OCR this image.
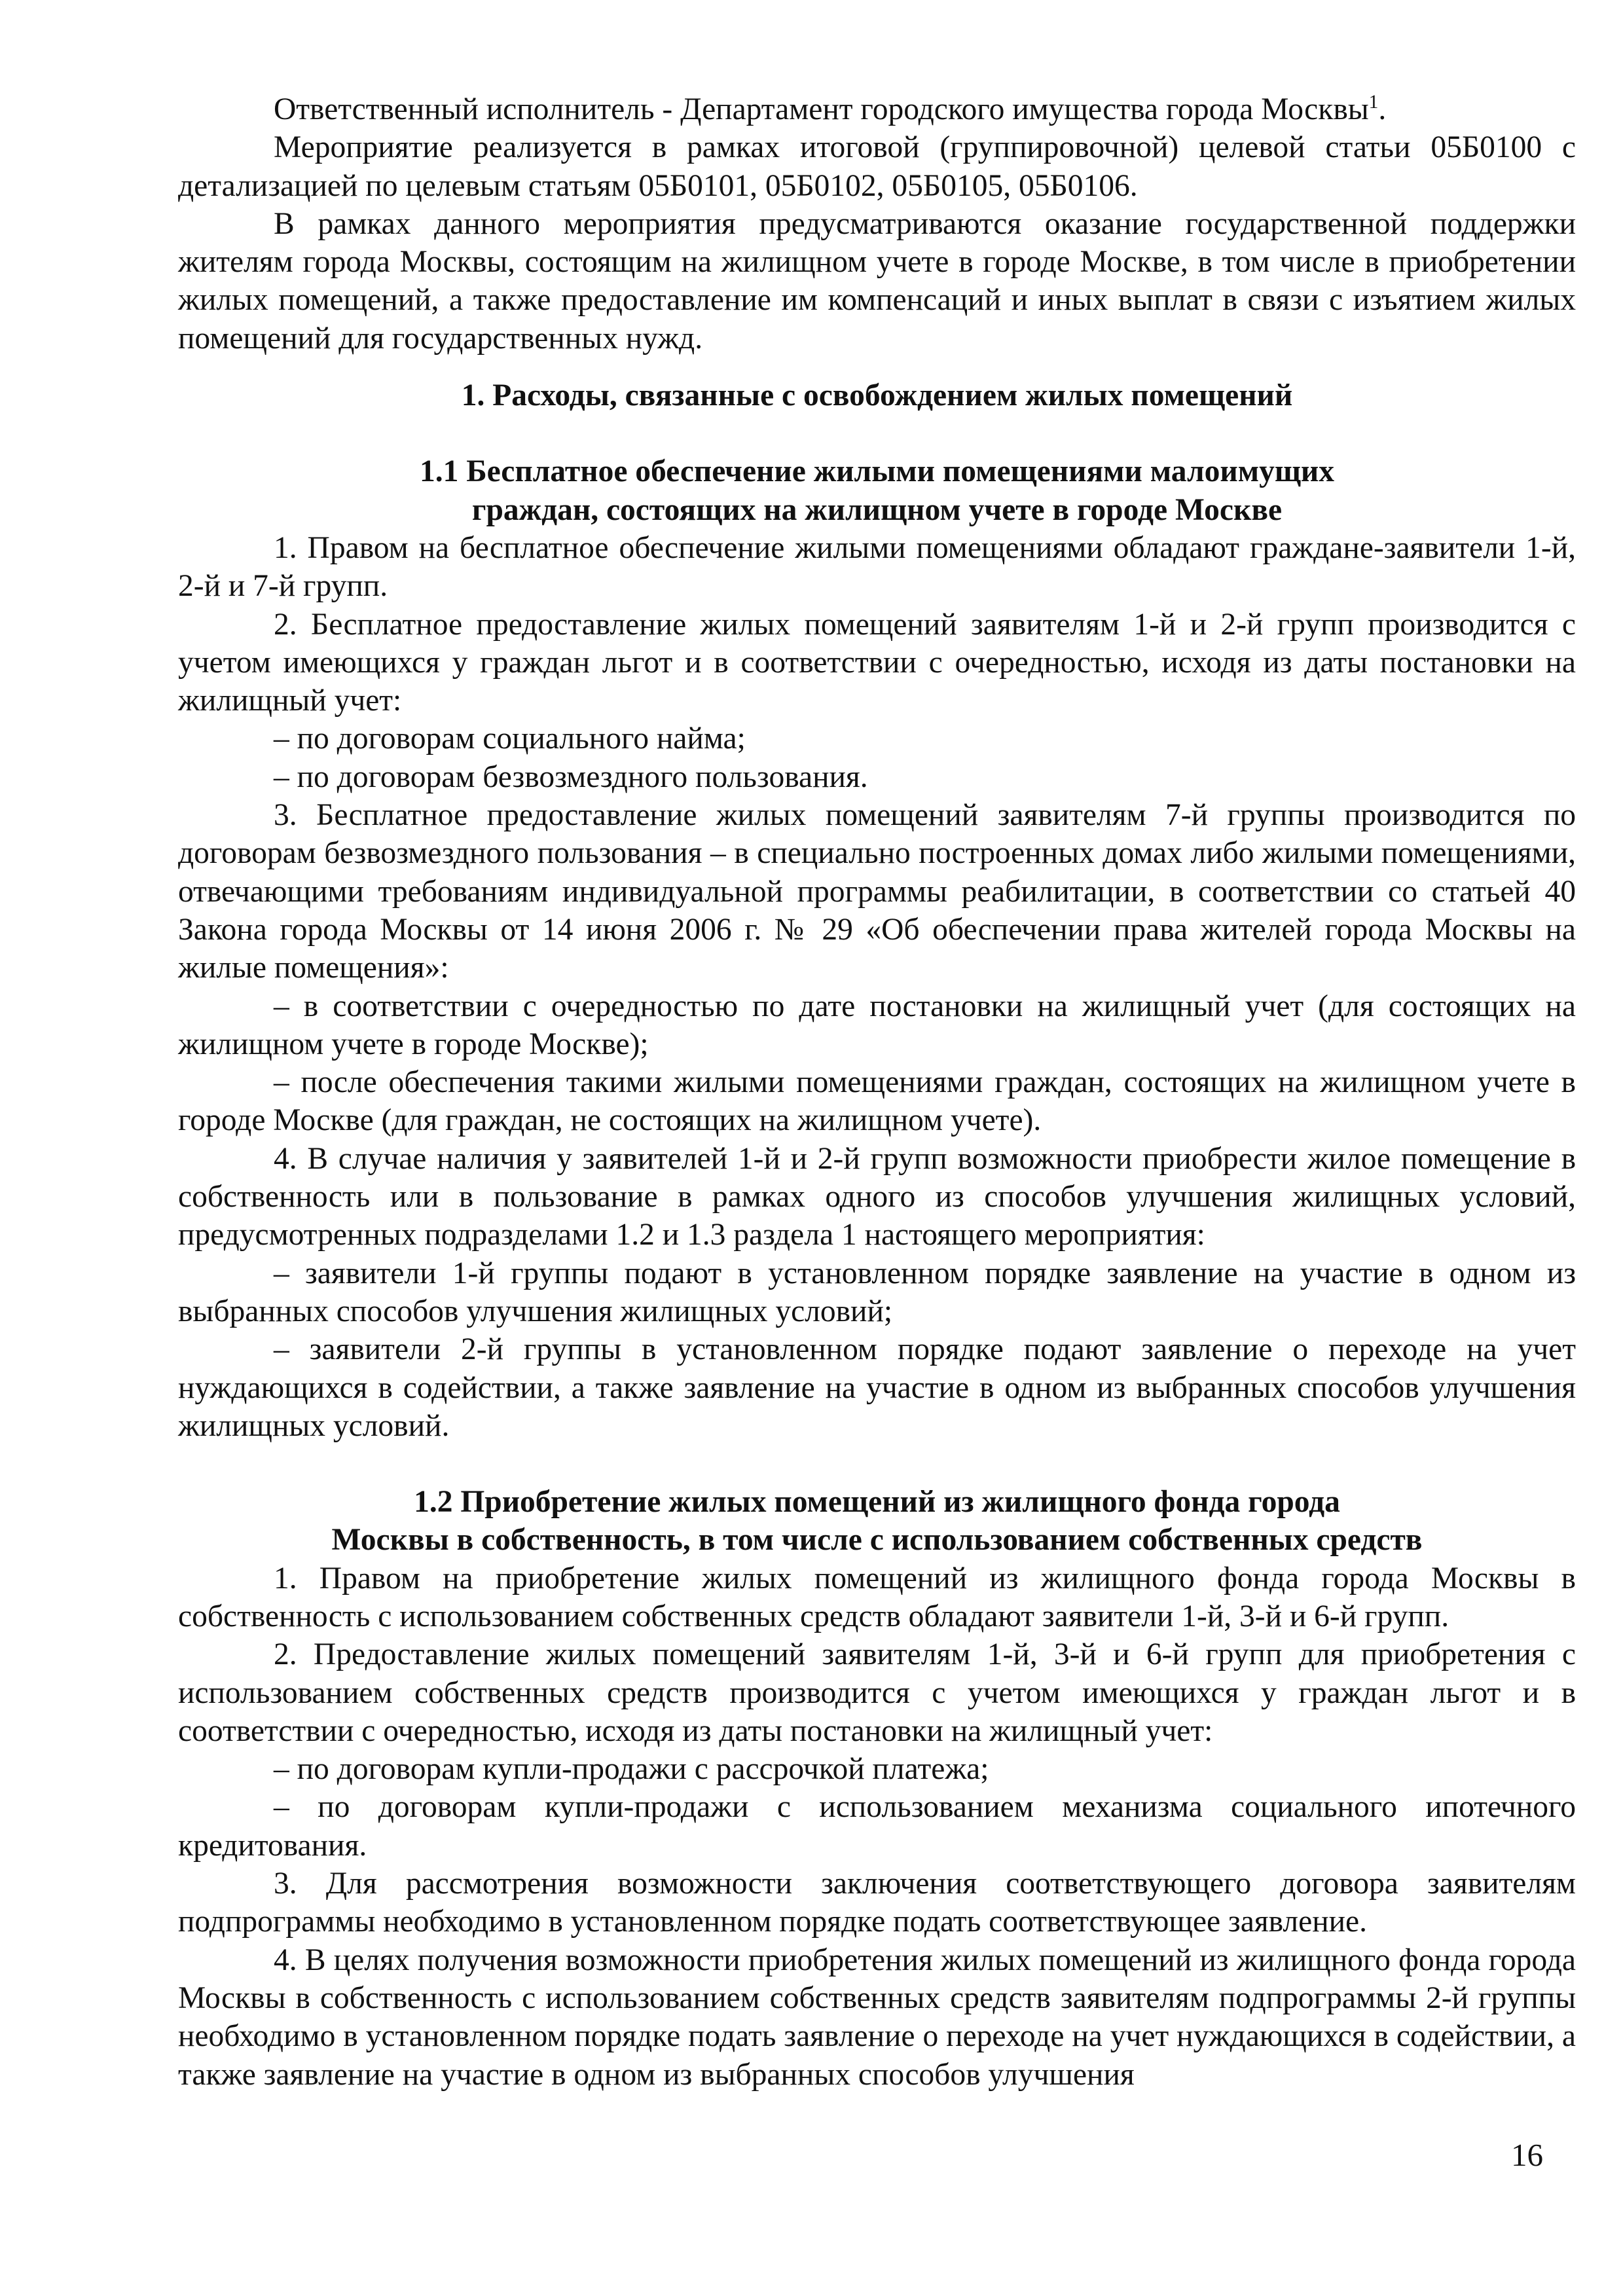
Ответственный исполнитель - Департамент городского имущества города Москвы$^1$.

Мероприятие реализуется в рамках итоговой (группировочной) целевой статьи 05Б0100 с детализацией по целевым статьям 05Б0101, 05Б0102, 05Б0105, 05Б0106.

В рамках данного мероприятия предусматриваются оказание государственной поддержки жителям города Москвы, состоящим на жилищном учете в городе Москве, в том числе в приобретении жилых помещений, а также предоставление им компенсаций и иных выплат в связи с изъятием жилых помещений для государственных нужд.

1. Расходы, связанные с освобождением жилых помещений

1.1 Бесплатное обеспечение жилыми помещениями малоимущих

граждан, состоящих на жилищном учете в городе Москве

1. Правом на бесплатное обеспечение жилыми помещениями обладают граждане-заявители 1-й, 2-й и 7-й групп.

2. Бесплатное предоставление жилых помещений заявителям 1-й и 2-й групп производится с учетом имеющихся у граждан льгот и в соответствии с очередностью, исходя из даты постановки на жилищный учет:

– по договорам социального найма;

– по договорам безвозмездного пользования.

3. Бесплатное предоставление жилых помещений заявителям 7-й группы производится по договорам безвозмездного пользования – в специально построенных домах либо жилыми помещениями, отвечающими требованиям индивидуальной программы реабилитации, в соответствии со статьей 40 Закона города Москвы от 14 июня 2006 г. № 29 «Об обеспечении права жителей города Москвы на жилые помещения»:

– в соответствии с очередностью по дате постановки на жилищный учет (для состоящих на жилищном учете в городе Москве);

– после обеспечения такими жилыми помещениями граждан, состоящих на жилищном учете в городе Москве (для граждан, не состоящих на жилищном учете).

4. В случае наличия у заявителей 1-й и 2-й групп возможности приобрести жилое помещение в собственность или в пользование в рамках одного из способов улучшения жилищных условий, предусмотренных подразделами 1.2 и 1.3 раздела 1 настоящего мероприятия:

– заявители 1-й группы подают в установленном порядке заявление на участие в одном из выбранных способов улучшения жилищных условий;

– заявители 2-й группы в установленном порядке подают заявление о переходе на учет нуждающихся в содействии, а также заявление на участие в одном из выбранных способов улучшения жилищных условий.

1.2 Приобретение жилых помещений из жилищного фонда города

Москвы в собственность, в том числе с использованием собственных средств

1. Правом на приобретение жилых помещений из жилищного фонда города Москвы в собственность с использованием собственных средств обладают заявители 1-й, 3-й и 6-й групп.

2. Предоставление жилых помещений заявителям 1-й, 3-й и 6-й групп для приобретения с использованием собственных средств производится с учетом имеющихся у граждан льгот и в соответствии с очередностью, исходя из даты постановки на жилищный учет:

– по договорам купли-продажи с рассрочкой платежа;

– по договорам купли-продажи с использованием механизма социального ипотечного кредитования.

3. Для рассмотрения возможности заключения соответствующего договора заявителям подпрограммы необходимо в установленном порядке подать соответствующее заявление.

4. В целях получения возможности приобретения жилых помещений из жилищного фонда города Москвы в собственность с использованием собственных средств заявителям подпрограммы 2-й группы необходимо в установленном порядке подать заявление о переходе на учет нуждающихся в содействии, а также заявление на участие в одном из выбранных способов улучшения

16
